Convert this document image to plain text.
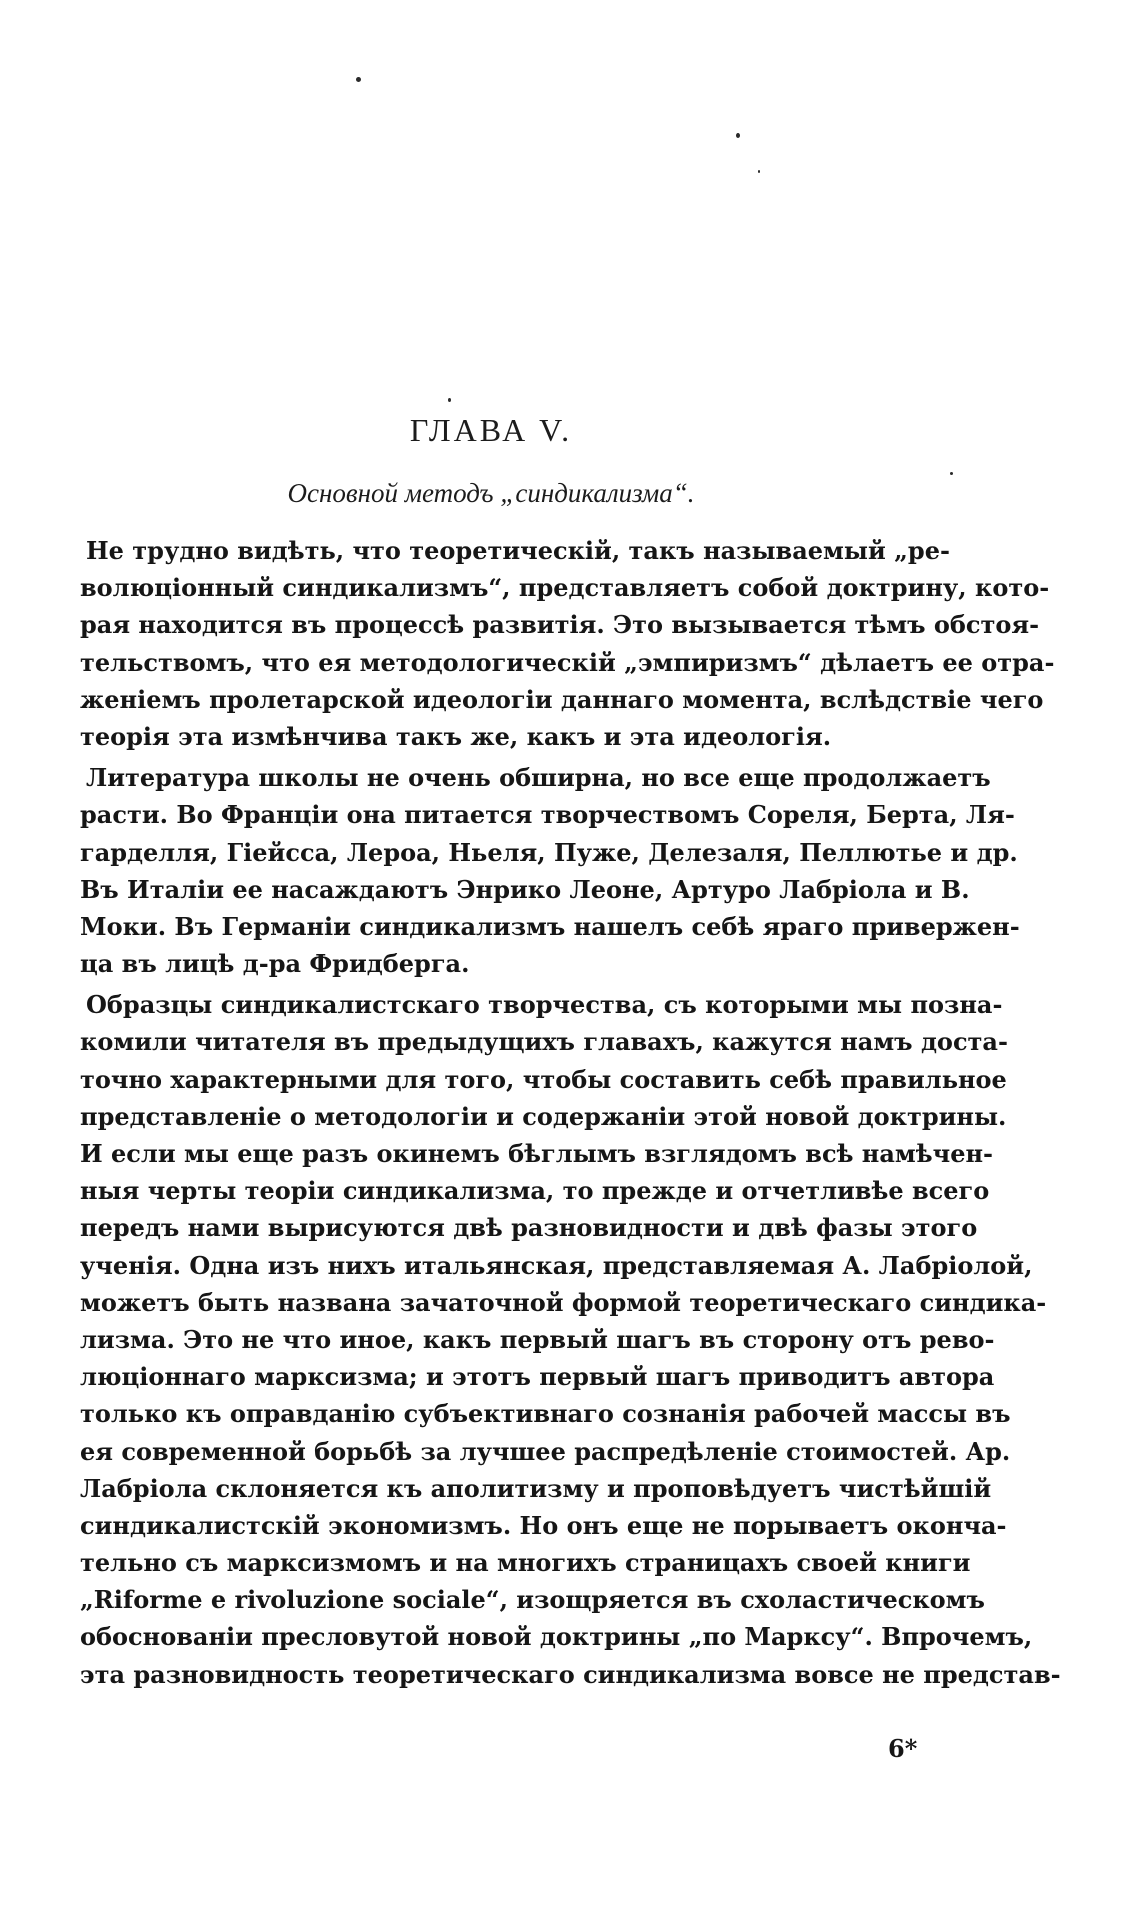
ГЛАВА V.
Основной методъ „синдикализма“.
Не трудно видѣть, что теоретическій, такъ называемый „ре-
волюціонный синдикализмъ“, представляетъ собой доктрину, кото-
рая находится въ процессѣ развитія. Это вызывается тѣмъ обстоя-
тельствомъ, что ея методологическій „эмпиризмъ“ дѣлаетъ ее отра-
женіемъ пролетарской идеологіи даннаго момента, вслѣдствіе чего
теорія эта измѣнчива такъ же, какъ и эта идеологія.
Литература школы не очень обширна, но все еще продолжаетъ
расти. Во Франціи она питается творчествомъ Сореля, Берта, Ля-
гарделля, Гіейсса, Лероа, Ньеля, Пуже, Делезаля, Пеллютье и др.
Въ Италіи ее насаждаютъ Энрико Леоне, Артуро Лабріола и В.
Моки. Въ Германіи синдикализмъ нашелъ себѣ яраго привержен-
ца въ лицѣ д-ра Фридберга.
Образцы синдикалистскаго творчества, съ которыми мы позна-
комили читателя въ предыдущихъ главахъ, кажутся намъ доста-
точно характерными для того, чтобы составить себѣ правильное
представленіе о методологіи и содержаніи этой новой доктрины.
И если мы еще разъ окинемъ бѣглымъ взглядомъ всѣ намѣчен-
ныя черты теоріи синдикализма, то прежде и отчетливѣе всего
передъ нами вырисуются двѣ разновидности и двѣ фазы этого
ученія. Одна изъ нихъ итальянская, представляемая А. Лабріолой,
можетъ быть названа зачаточной формой теоретическаго синдика-
лизма. Это не что иное, какъ первый шагъ въ сторону отъ рево-
люціоннаго марксизма; и этотъ первый шагъ приводитъ автора
только къ оправданію субъективнаго сознанія рабочей массы въ
ея современной борьбѣ за лучшее распредѣленіе стоимостей. Ар.
Лабріола склоняется къ аполитизму и проповѣдуетъ чистѣйшій
синдикалистскій экономизмъ. Но онъ еще не порываетъ оконча-
тельно съ марксизмомъ и на многихъ страницахъ своей книги
„Riforme e rivoluzione sociale“, изощряется въ схоластическомъ
обоснованіи пресловутой новой доктрины „по Марксу“. Впрочемъ,
эта разновидность теоретическаго синдикализма вовсе не представ-
6*
